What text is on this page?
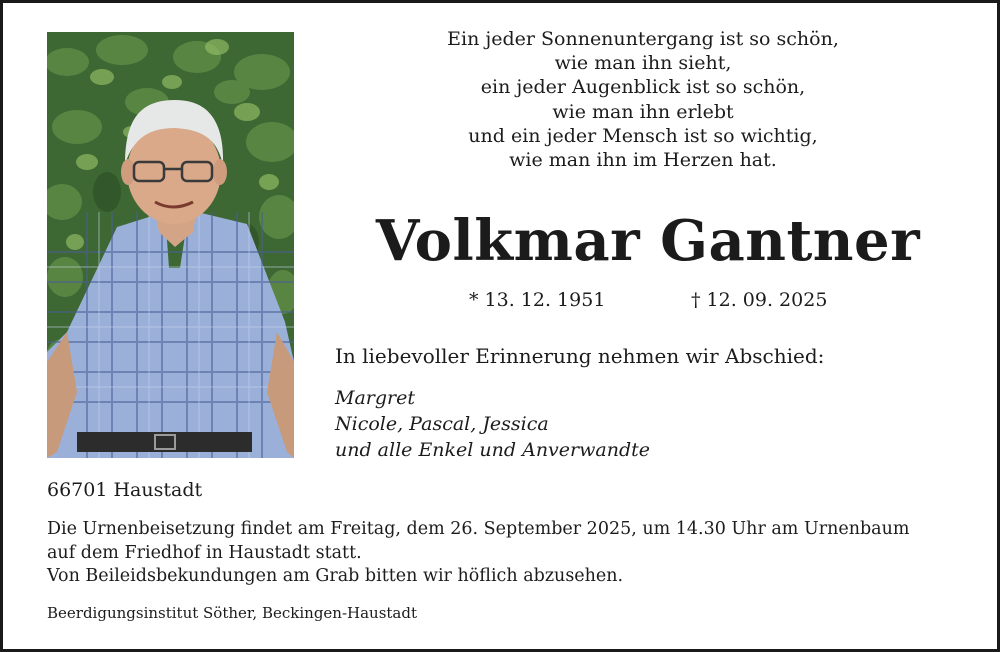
Ein jeder Sonnenuntergang ist so schön,
wie man ihn sieht,
ein jeder Augenblick ist so schön,
wie man ihn erlebt
und ein jeder Mensch ist so wichtig,
wie man ihn im Herzen hat.
Volkmar Gantner
* 13. 12. 1951	† 12. 09. 2025
In liebevoller Erinnerung nehmen wir Abschied:
Margret
Nicole, Pascal, Jessica
und alle Enkel und Anverwandte
66701 Haustadt
Die Urnenbeisetzung findet am Freitag, dem 26. September 2025, um 14.30 Uhr am Urnenbaum
auf dem Friedhof in Haustadt statt.
Von Beileidsbekundungen am Grab bitten wir höflich abzusehen.
Beerdigungsinstitut Söther, Beckingen-Haustadt
